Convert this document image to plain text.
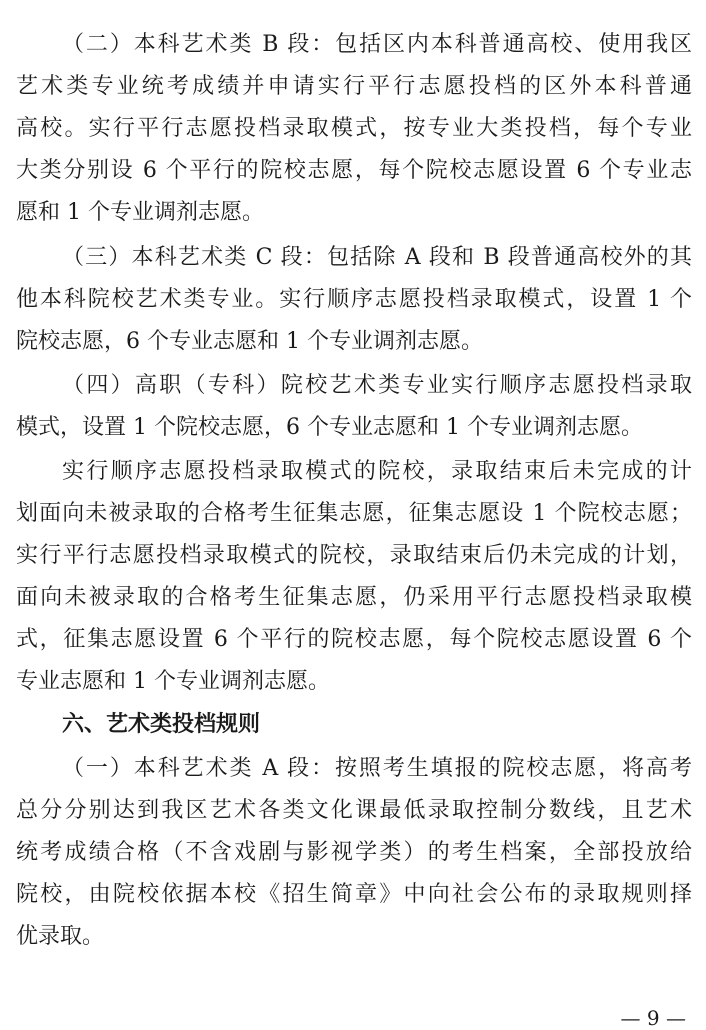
（二）本科艺术类 B 段：包括区内本科普通高校、使用我区
艺术类专业统考成绩并申请实行平行志愿投档的区外本科普通
高校。实行平行志愿投档录取模式，按专业大类投档，每个专业
大类分别设 6 个平行的院校志愿，每个院校志愿设置 6 个专业志
愿和 1 个专业调剂志愿。
（三）本科艺术类 C 段：包括除 A 段和 B 段普通高校外的其
他本科院校艺术类专业。实行顺序志愿投档录取模式，设置 1 个
院校志愿，6 个专业志愿和 1 个专业调剂志愿。
（四）高职（专科）院校艺术类专业实行顺序志愿投档录取
模式，设置 1 个院校志愿，6 个专业志愿和 1 个专业调剂志愿。
实行顺序志愿投档录取模式的院校，录取结束后未完成的计
划面向未被录取的合格考生征集志愿，征集志愿设 1 个院校志愿；
实行平行志愿投档录取模式的院校，录取结束后仍未完成的计划，
面向未被录取的合格考生征集志愿，仍采用平行志愿投档录取模
式，征集志愿设置 6 个平行的院校志愿，每个院校志愿设置 6 个
专业志愿和 1 个专业调剂志愿。
六、艺术类投档规则
（一）本科艺术类 A 段：按照考生填报的院校志愿，将高考
总分分别达到我区艺术各类文化课最低录取控制分数线，且艺术
统考成绩合格（不含戏剧与影视学类）的考生档案，全部投放给
院校，由院校依据本校《招生简章》中向社会公布的录取规则择
优录取。
— 9 —
